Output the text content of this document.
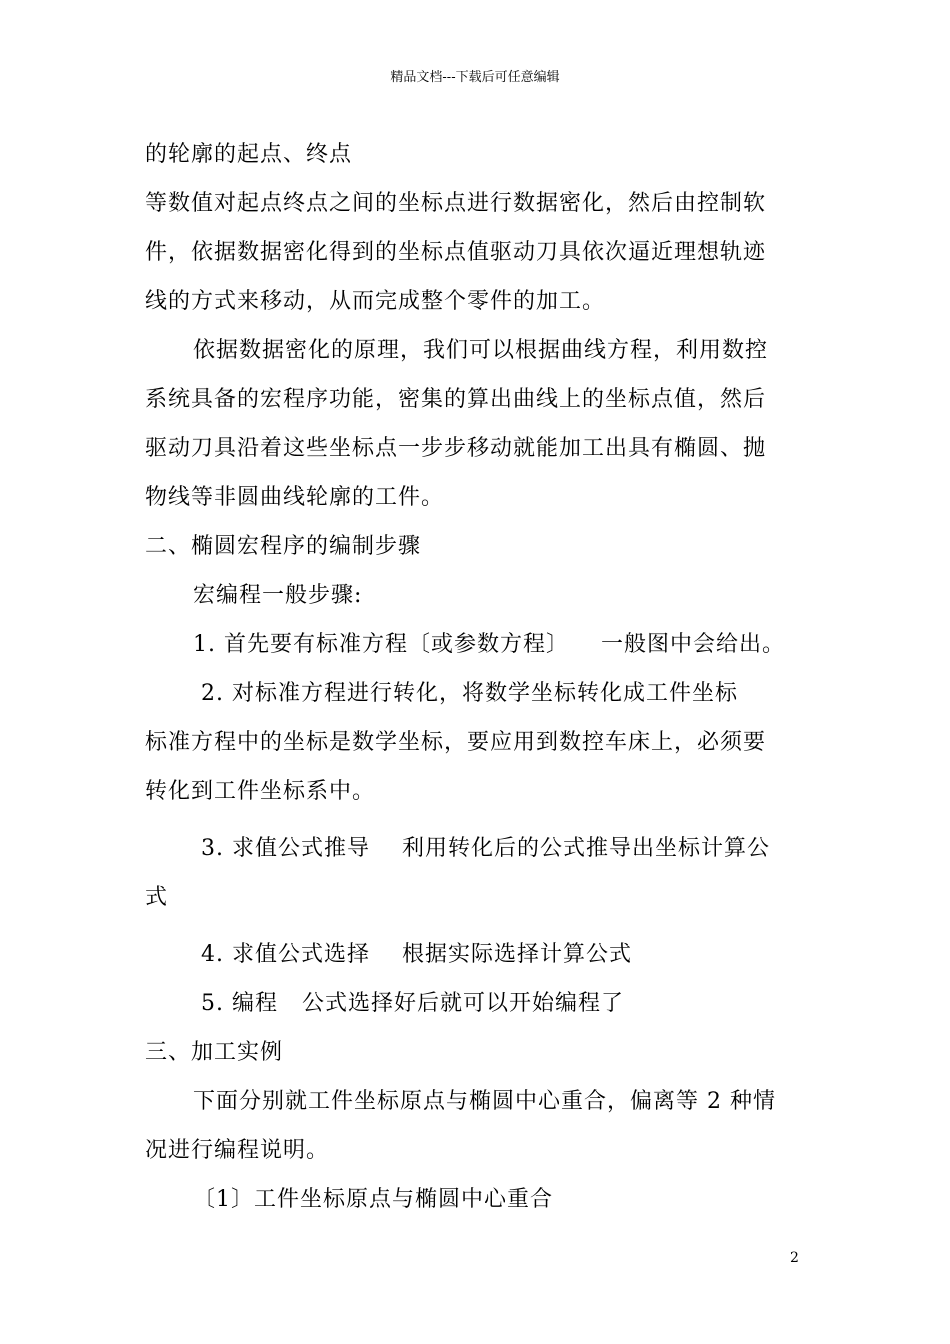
精品文档---下载后可任意编辑
的轮廓的起点、终点
等数值对起点终点之间的坐标点进行数据密化，然后由控制软
件，依据数据密化得到的坐标点值驱动刀具依次逼近理想轨迹
线的方式来移动，从而完成整个零件的加工。
依据数据密化的原理，我们可以根据曲线方程，利用数控
系统具备的宏程序功能，密集的算出曲线上的坐标点值，然后
驱动刀具沿着这些坐标点一步步移动就能加工出具有椭圆、抛
物线等非圆曲线轮廓的工件。
二、椭圆宏程序的编制步骤
宏编程一般步骤:
1. 首先要有标准方程〔或参数方程〕    一般图中会给出。
2. 对标准方程进行转化，将数学坐标转化成工件坐标
标准方程中的坐标是数学坐标，要应用到数控车床上，必须要
转化到工件坐标系中。
3. 求值公式推导    利用转化后的公式推导出坐标计算公
式
4. 求值公式选择    根据实际选择计算公式
5. 编程   公式选择好后就可以开始编程了
三、加工实例
下面分别就工件坐标原点与椭圆中心重合，偏离等 2 种情
况进行编程说明。
〔1〕工件坐标原点与椭圆中心重合
2
